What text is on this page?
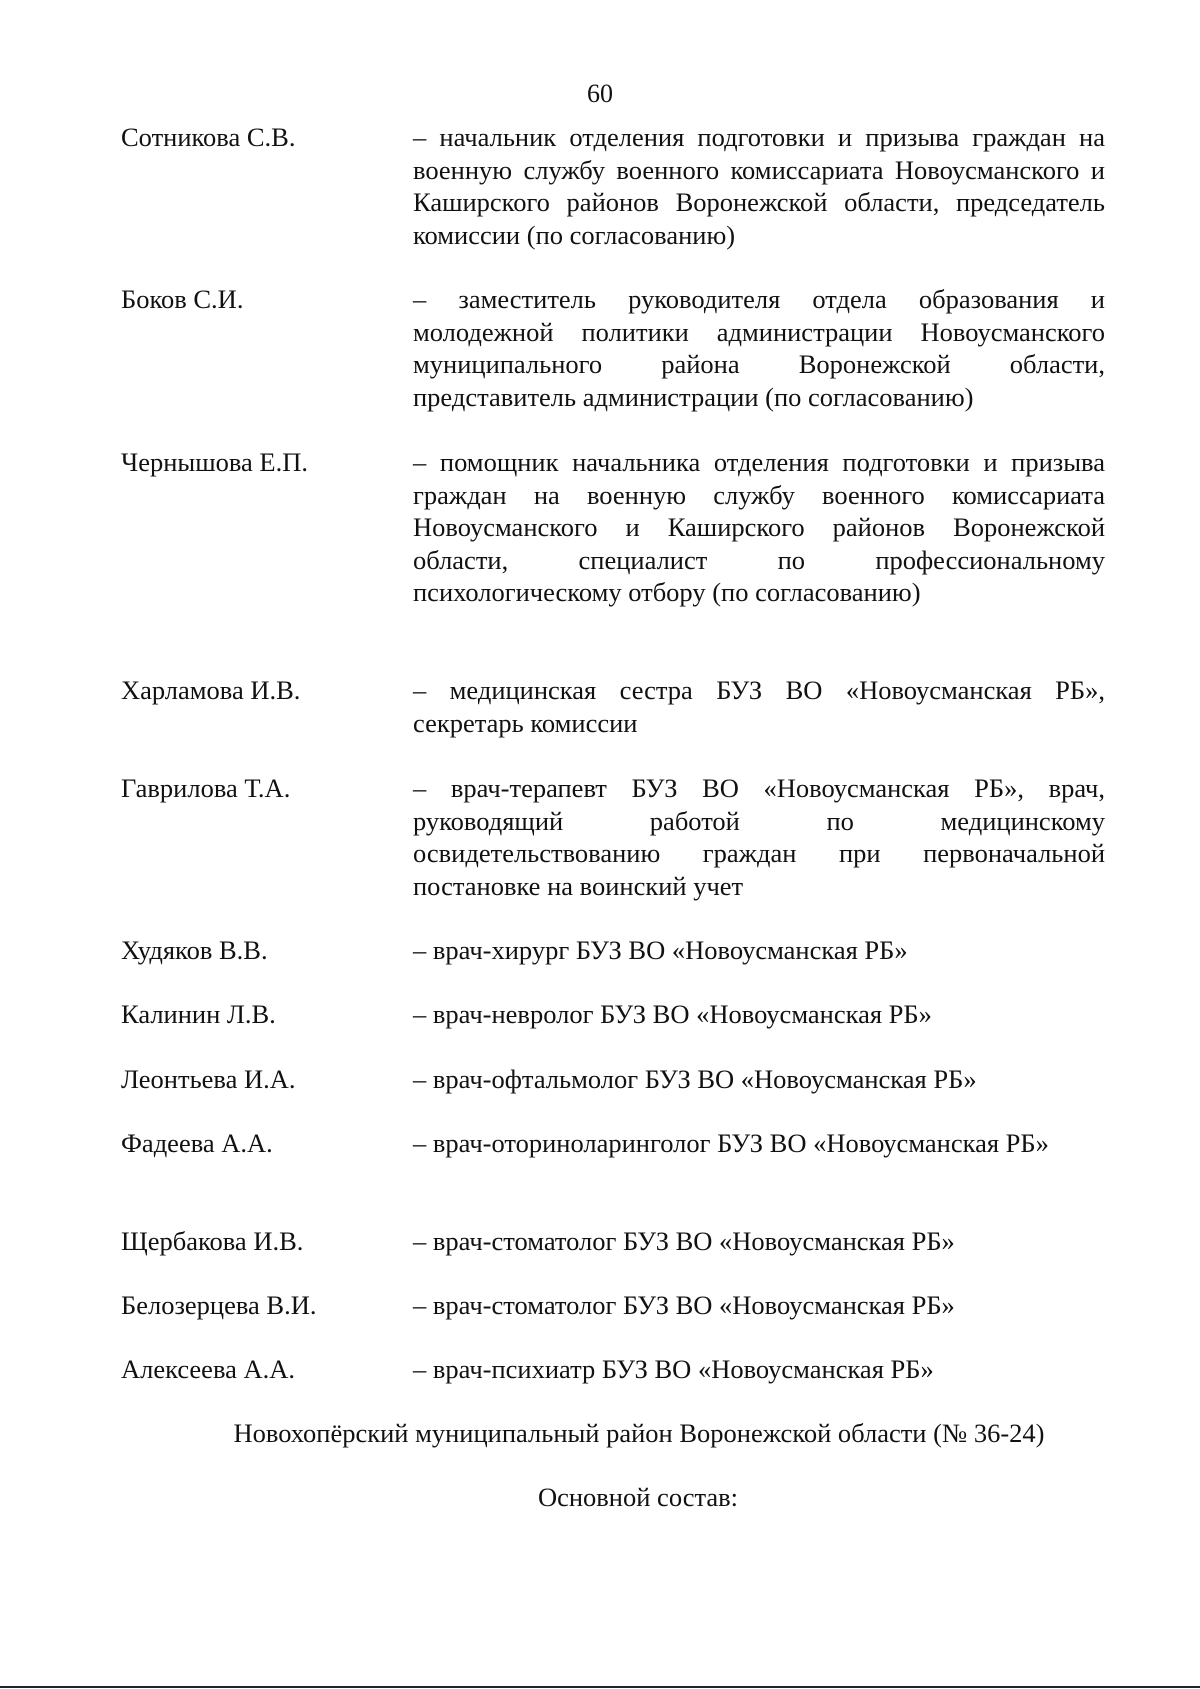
60
Сотникова С.В.	– начальник отделения подготовки и призыва граждан на военную службу военного комиссариата Новоусманского и Каширского районов Воронежской области, председатель комиссии (по согласованию)
Боков С.И.	– заместитель руководителя отдела образования и молодежной политики администрации Новоусманского муниципального района Воронежской области, представитель администрации (по согласованию)
Чернышова Е.П.	– помощник начальника отделения подготовки и призыва граждан на военную службу военного комиссариата Новоусманского и Каширского районов Воронежской области, специалист по профессиональному психологическому отбору (по согласованию)
Харламова И.В.	– медицинская сестра БУЗ ВО «Новоусманская РБ», секретарь комиссии
Гаврилова Т.А.	– врач-терапевт БУЗ ВО «Новоусманская РБ», врач, руководящий работой по медицинскому освидетельствованию граждан при первоначальной постановке на воинский учет
Худяков В.В.	– врач-хирург БУЗ ВО «Новоусманская РБ»
Калинин Л.В.	– врач-невролог БУЗ ВО «Новоусманская РБ»
Леонтьева И.А.	– врач-офтальмолог БУЗ ВО «Новоусманская РБ»
Фадеева А.А.	– врач-оториноларинголог БУЗ ВО «Новоусманская РБ»
Щербакова И.В.	– врач-стоматолог БУЗ ВО «Новоусманская РБ»
Белозерцева В.И.	– врач-стоматолог БУЗ ВО «Новоусманская РБ»
Алексеева А.А.	– врач-психиатр БУЗ ВО «Новоусманская РБ»
Новохопёрский муниципальный район Воронежской области (№ 36-24)
Основной состав:
